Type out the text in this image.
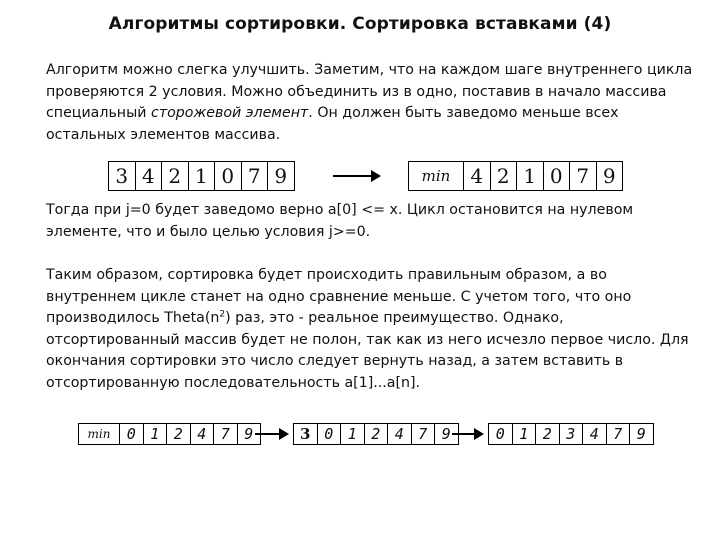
Алгоритмы сортировки. Сортировка вставками (4)
Алгоритм можно слегка улучшить. Заметим, что на каждом шаге внутреннего цикла
проверяются 2 условия. Можно объединить из в одно, поставив в начало массива
специальный сторожевой элемент. Он должен быть заведомо меньше всех
остальных элементов массива.
3 4 2 1 0 7 9	min	4 2 1 0 7 9
Тогда при j=0 будет заведомо верно a[0] <= x. Цикл остановится на нулевом
элементе, что и было целью условия j>=0.
Таким образом, сортировка будет происходить правильным образом, а во
внутреннем цикле станет на одно сравнение меньше. С учетом того, что оно
производилось $Theta(n^2)$ раз, это - реальное преимущество. Однако,
отсортированный массив будет не полон, так как из него исчезло первое число. Для
окончания сортировки это число следует вернуть назад, а затем вставить в
отсортированную последовательность a[1]...a[n].
min	0 1 2 4 7 9	3 0 1 2 4 7 9	0 1 2 3 4 7 9
